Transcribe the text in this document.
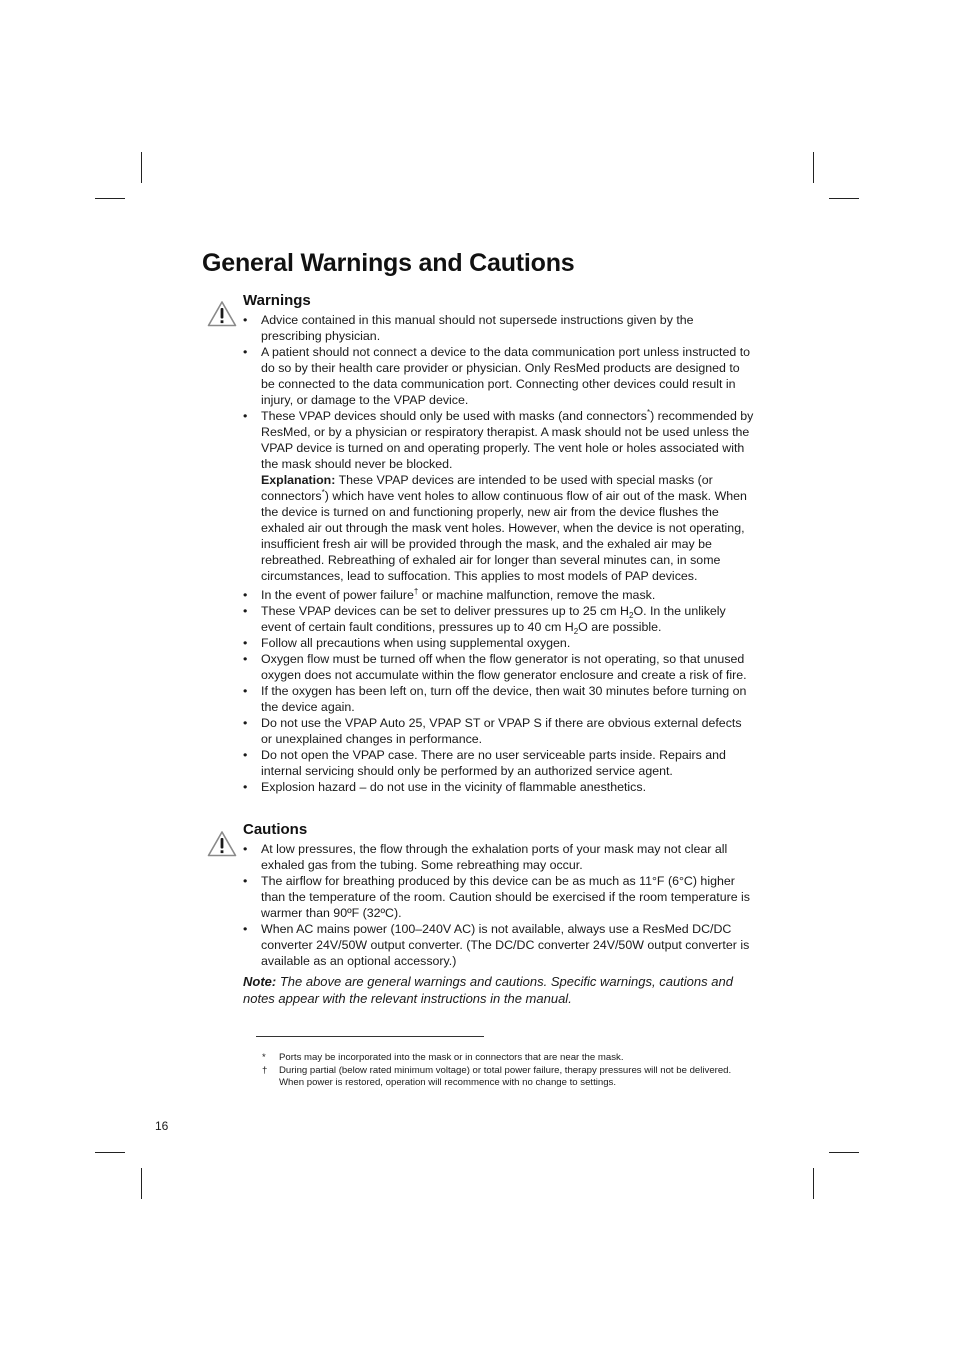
General Warnings and Cautions
Warnings
• Advice contained in this manual should not supersede instructions given by the prescribing physician.
• A patient should not connect a device to the data communication port unless instructed to do so by their health care provider or physician. Only ResMed products are designed to be connected to the data communication port. Connecting other devices could result in injury, or damage to the VPAP device.
• These VPAP devices should only be used with masks (and connectors*) recommended by ResMed, or by a physician or respiratory therapist. A mask should not be used unless the VPAP device is turned on and operating properly. The vent hole or holes associated with the mask should never be blocked.
Explanation: These VPAP devices are intended to be used with special masks (or connectors*) which have vent holes to allow continuous flow of air out of the mask. When the device is turned on and functioning properly, new air from the device flushes the exhaled air out through the mask vent holes. However, when the device is not operating, insufficient fresh air will be provided through the mask, and the exhaled air may be rebreathed. Rebreathing of exhaled air for longer than several minutes can, in some circumstances, lead to suffocation. This applies to most models of PAP devices.
• In the event of power failure† or machine malfunction, remove the mask.
• These VPAP devices can be set to deliver pressures up to 25 cm $H_2O$. In the unlikely event of certain fault conditions, pressures up to 40 cm $H_2O$ are possible.
• Follow all precautions when using supplemental oxygen.
• Oxygen flow must be turned off when the flow generator is not operating, so that unused oxygen does not accumulate within the flow generator enclosure and create a risk of fire.
• If the oxygen has been left on, turn off the device, then wait 30 minutes before turning on the device again.
• Do not use the VPAP Auto 25, VPAP ST or VPAP S if there are obvious external defects or unexplained changes in performance.
• Do not open the VPAP case. There are no user serviceable parts inside. Repairs and internal servicing should only be performed by an authorized service agent.
• Explosion hazard – do not use in the vicinity of flammable anesthetics.
Cautions
• At low pressures, the flow through the exhalation ports of your mask may not clear all exhaled gas from the tubing. Some rebreathing may occur.
• The airflow for breathing produced by this device can be as much as 11°F (6°C) higher than the temperature of the room. Caution should be exercised if the room temperature is warmer than 90ºF (32ºC).
• When AC mains power (100–240V AC) is not available, always use a ResMed DC/DC converter 24V/50W output converter. (The DC/DC converter 24V/50W output converter is available as an optional accessory.)

Note: The above are general warnings and cautions. Specific warnings, cautions and notes appear with the relevant instructions in the manual.

* Ports may be incorporated into the mask or in connectors that are near the mask.
† During partial (below rated minimum voltage) or total power failure, therapy pressures will not be delivered. When power is restored, operation will recommence with no change to settings.
16
